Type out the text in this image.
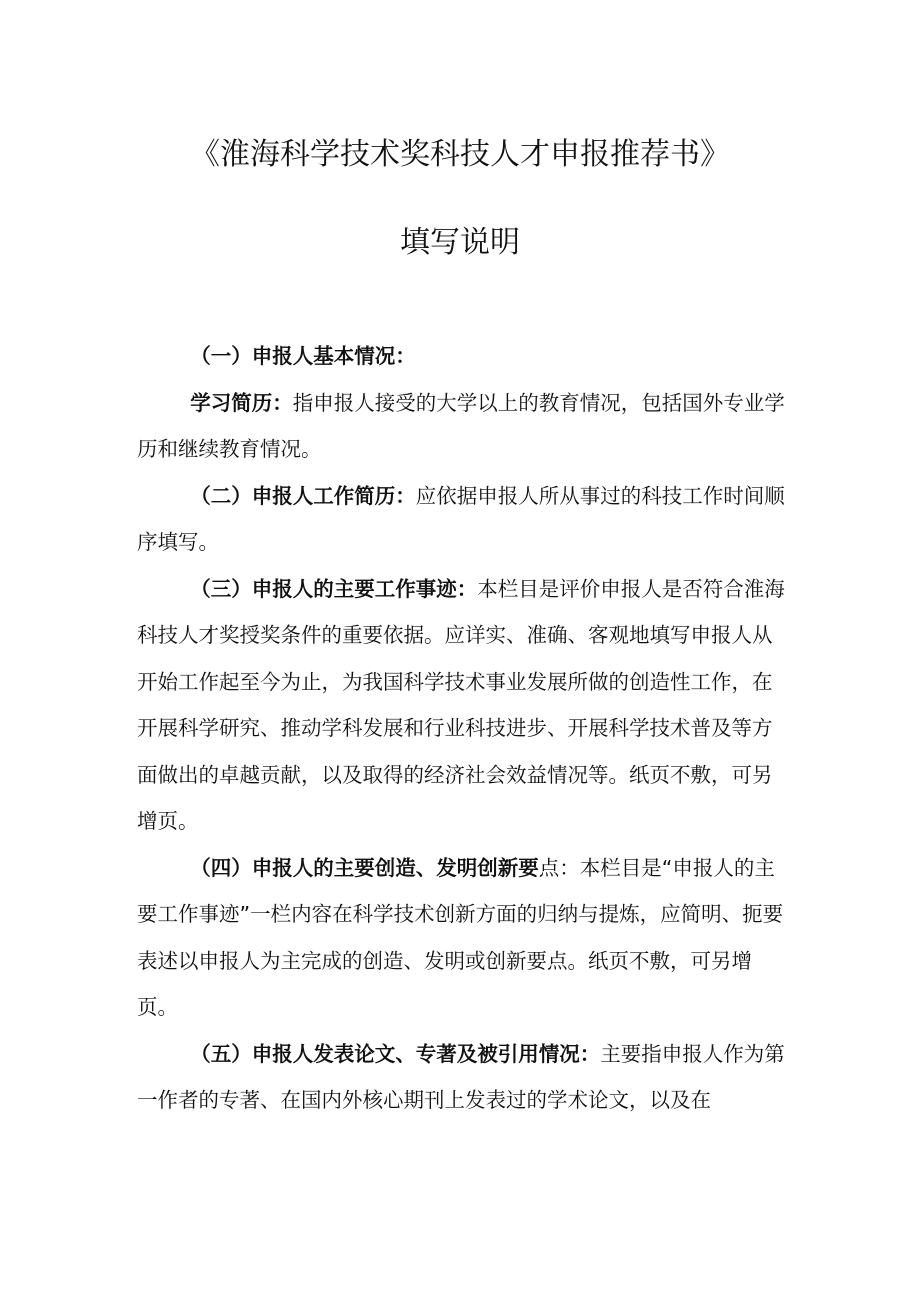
《淮海科学技术奖科技人才申报推荐书》
填写说明

（一）申报人基本情况：

学习简历：指申报人接受的大学以上的教育情况，包括国外专业学历和继续教育情况。

（二）申报人工作简历：应依据申报人所从事过的科技工作时间顺序填写。

（三）申报人的主要工作事迹：本栏目是评价申报人是否符合淮海科技人才奖授奖条件的重要依据。应详实、准确、客观地填写申报人从开始工作起至今为止，为我国科学技术事业发展所做的创造性工作，在开展科学研究、推动学科发展和行业科技进步、开展科学技术普及等方面做出的卓越贡献，以及取得的经济社会效益情况等。纸页不敷，可另增页。

（四）申报人的主要创造、发明创新要点：本栏目是“申报人的主要工作事迹”一栏内容在科学技术创新方面的归纳与提炼，应简明、扼要表述以申报人为主完成的创造、发明或创新要点。纸页不敷，可另增页。

（五）申报人发表论文、专著及被引用情况：主要指申报人作为第一作者的专著、在国内外核心期刊上发表过的学术论文，以及在
